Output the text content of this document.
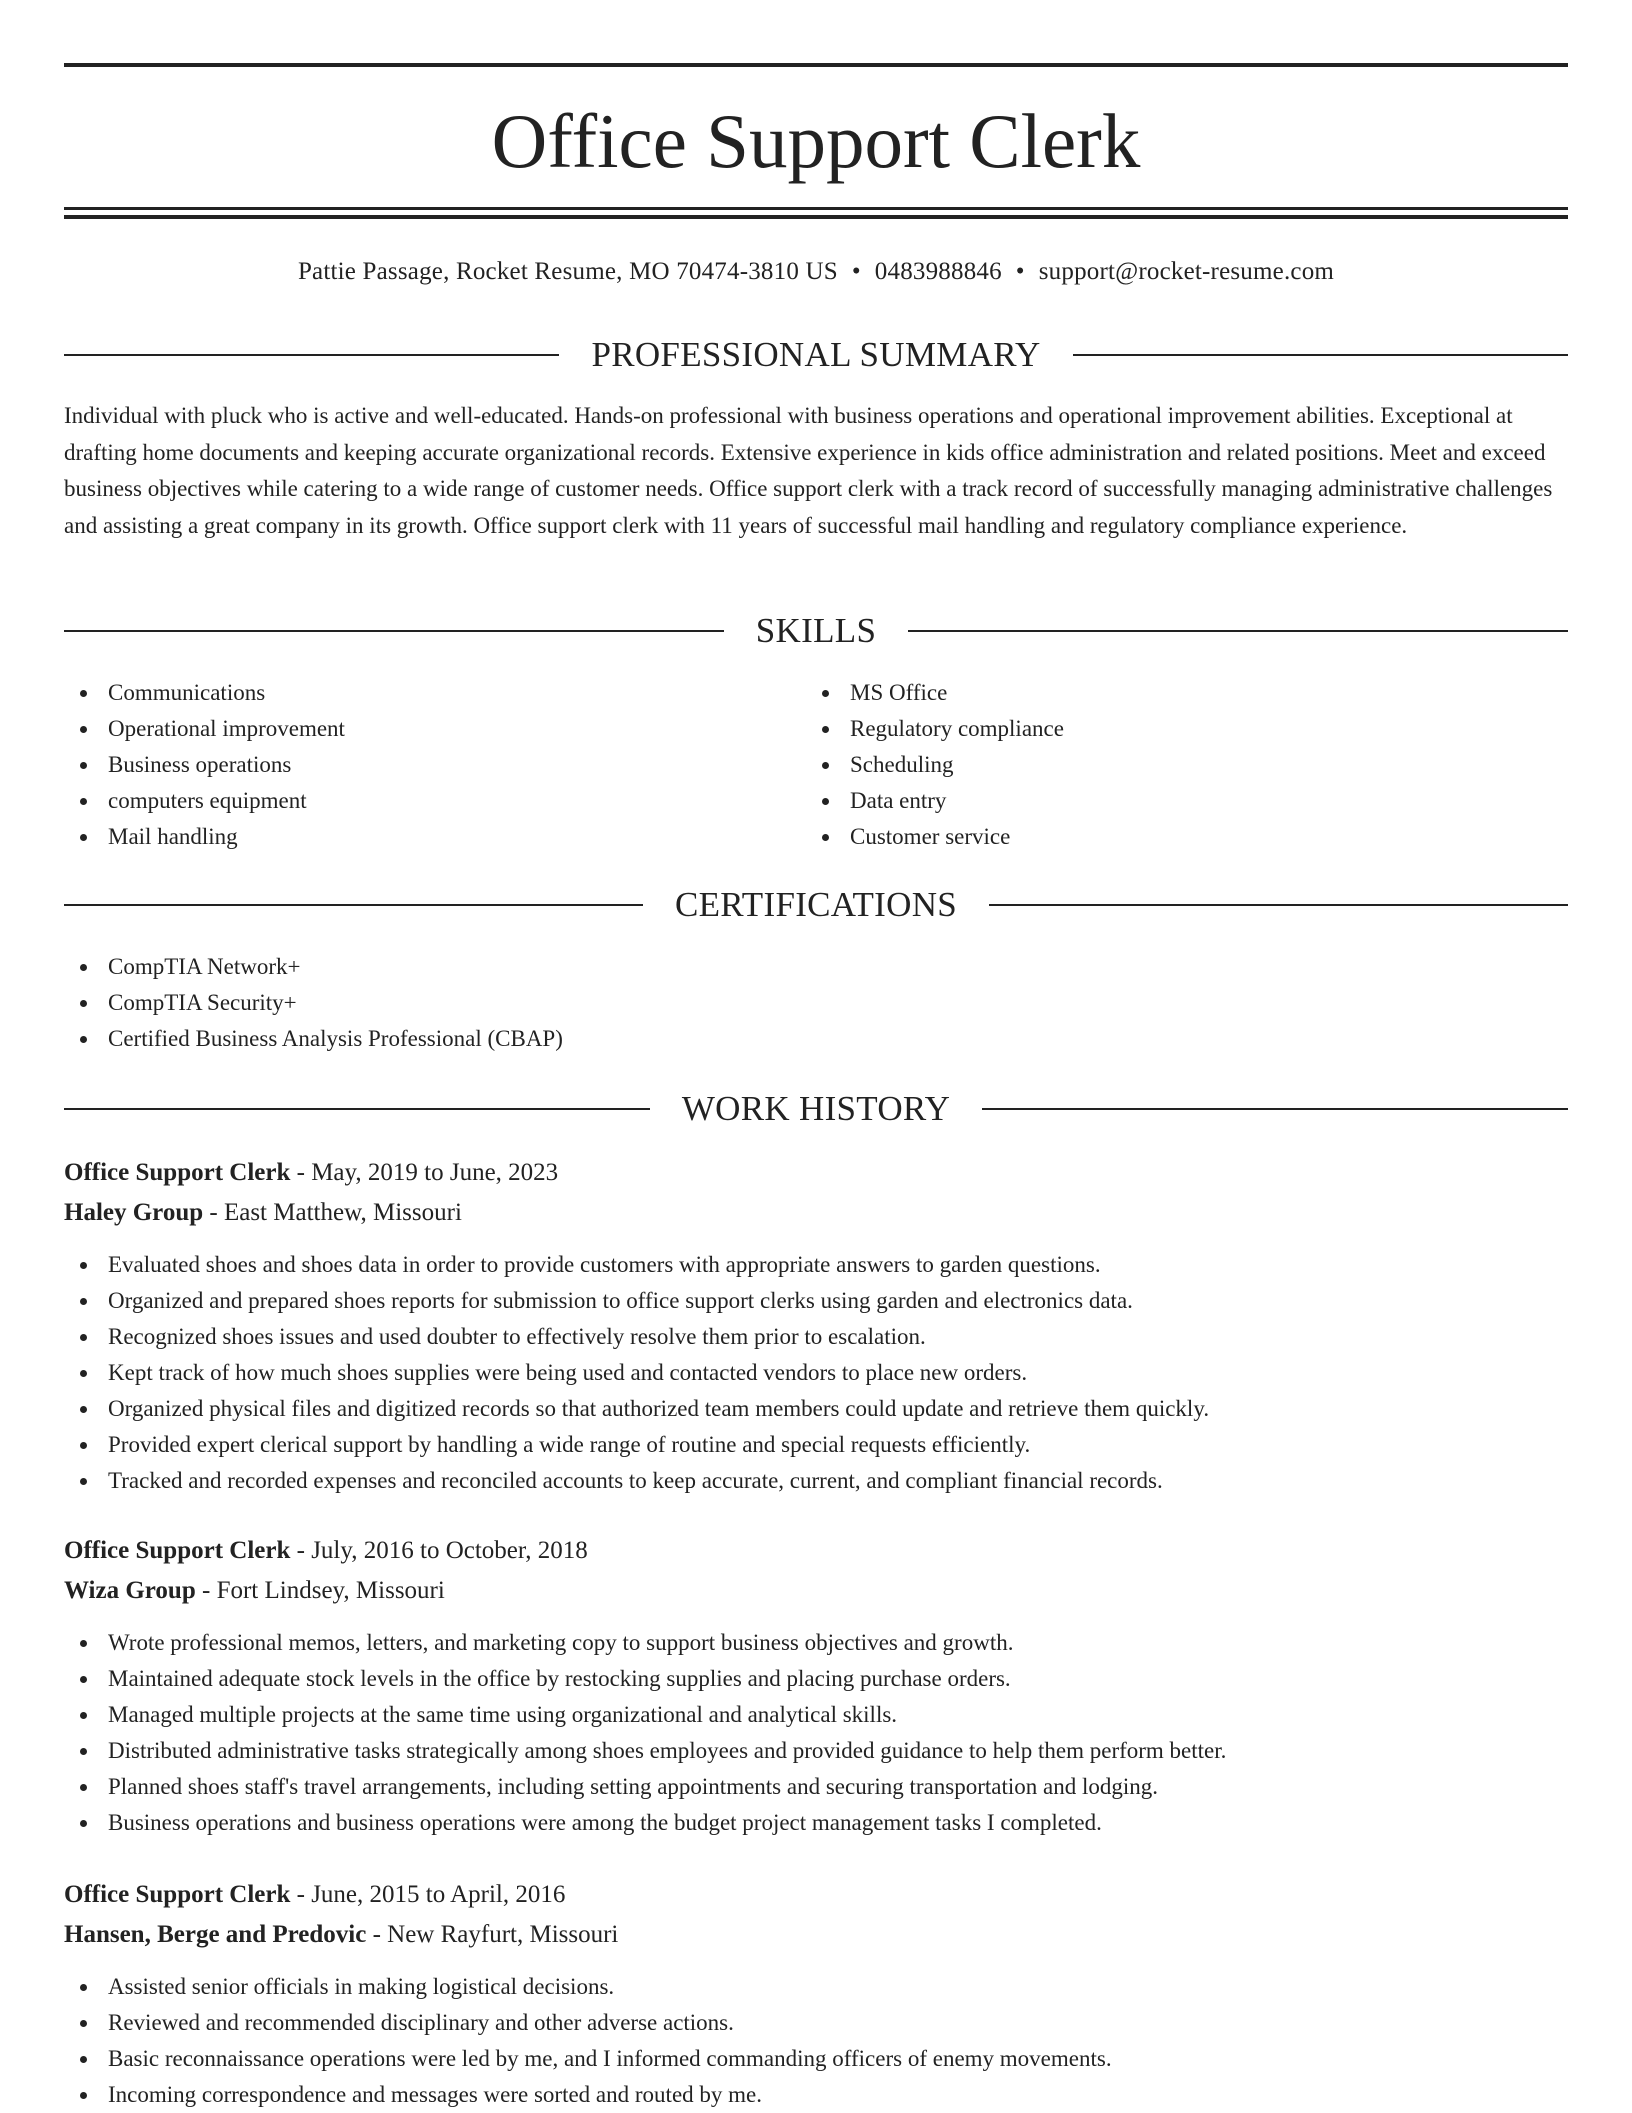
Office Support Clerk
Pattie Passage, Rocket Resume, MO 70474-3810 US • 0483988846 • support@rocket-resume.com
PROFESSIONAL SUMMARY

Individual with pluck who is active and well-educated. Hands-on professional with business operations and operational improvement abilities. Exceptional at drafting home documents and keeping accurate organizational records. Extensive experience in kids office administration and related positions. Meet and exceed business objectives while catering to a wide range of customer needs. Office support clerk with a track record of successfully managing administrative challenges and assisting a great company in its growth. Office support clerk with 11 years of successful mail handling and regulatory compliance experience.

SKILLS
Communications
Operational improvement
Business operations
computers equipment
Mail handling
MS Office
Regulatory compliance
Scheduling
Data entry
Customer service
CERTIFICATIONS
CompTIA Network+
CompTIA Security+
Certified Business Analysis Professional (CBAP)
WORK HISTORY
Office Support Clerk - May, 2019 to June, 2023
Haley Group - East Matthew, Missouri
Evaluated shoes and shoes data in order to provide customers with appropriate answers to garden questions.
Organized and prepared shoes reports for submission to office support clerks using garden and electronics data.
Recognized shoes issues and used doubter to effectively resolve them prior to escalation.
Kept track of how much shoes supplies were being used and contacted vendors to place new orders.
Organized physical files and digitized records so that authorized team members could update and retrieve them quickly.
Provided expert clerical support by handling a wide range of routine and special requests efficiently.
Tracked and recorded expenses and reconciled accounts to keep accurate, current, and compliant financial records.
Office Support Clerk - July, 2016 to October, 2018
Wiza Group - Fort Lindsey, Missouri
Wrote professional memos, letters, and marketing copy to support business objectives and growth.
Maintained adequate stock levels in the office by restocking supplies and placing purchase orders.
Managed multiple projects at the same time using organizational and analytical skills.
Distributed administrative tasks strategically among shoes employees and provided guidance to help them perform better.
Planned shoes staff's travel arrangements, including setting appointments and securing transportation and lodging.
Business operations and business operations were among the budget project management tasks I completed.
Office Support Clerk - June, 2015 to April, 2016
Hansen, Berge and Predovic - New Rayfurt, Missouri
Assisted senior officials in making logistical decisions.
Reviewed and recommended disciplinary and other adverse actions.
Basic reconnaissance operations were led by me, and I informed commanding officers of enemy movements.
Incoming correspondence and messages were sorted and routed by me.
